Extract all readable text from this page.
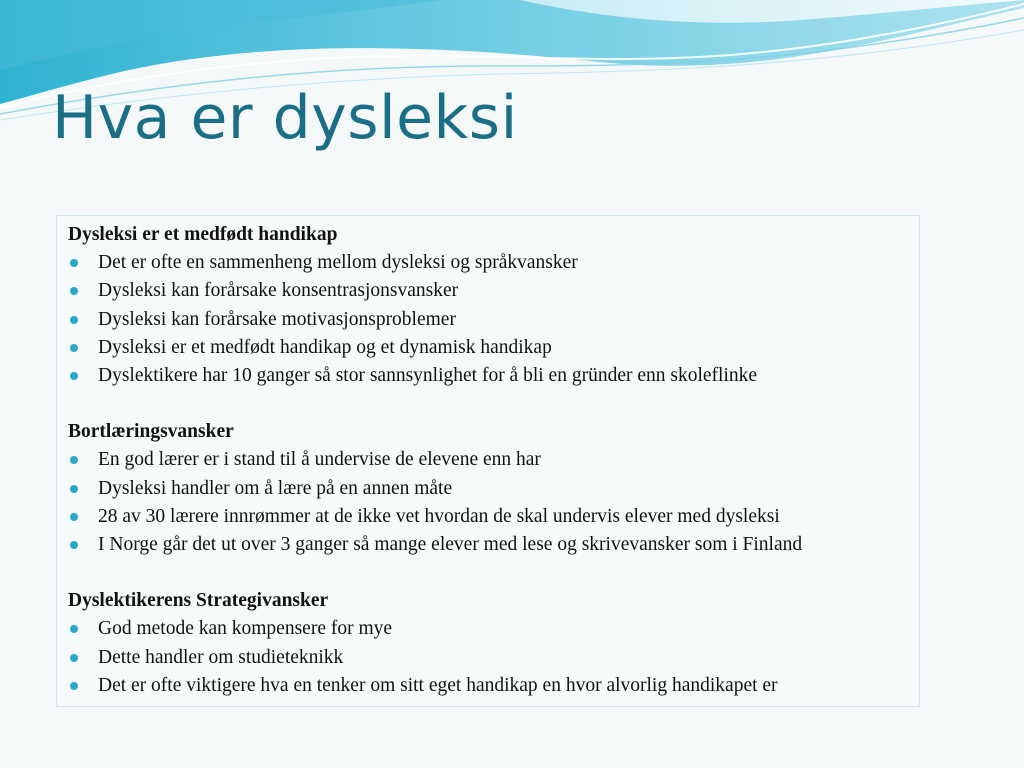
Hva er dysleksi

Dysleksi er et medfødt handikap

Det er ofte en sammenheng mellom dysleksi og språkvansker
Dysleksi kan forårsake konsentrasjonsvansker
Dysleksi kan forårsake motivasjonsproblemer
Dysleksi er et medfødt handikap og et dynamisk handikap
Dyslektikere har 10 ganger så stor sannsynlighet for å bli en gründer enn skoleflinke

Bortlæringsvansker

En god lærer er i stand til å undervise de elevene enn har
Dysleksi handler om å lære på en annen måte
28 av 30 lærere innrømmer at de ikke vet hvordan de skal undervis elever med dysleksi
I Norge går det ut over 3 ganger så mange elever med lese og skrivevansker som i Finland

Dyslektikerens Strategivansker

God metode kan kompensere for mye
Dette handler om studieteknikk
Det er ofte viktigere hva en tenker om sitt eget handikap en hvor alvorlig handikapet er
